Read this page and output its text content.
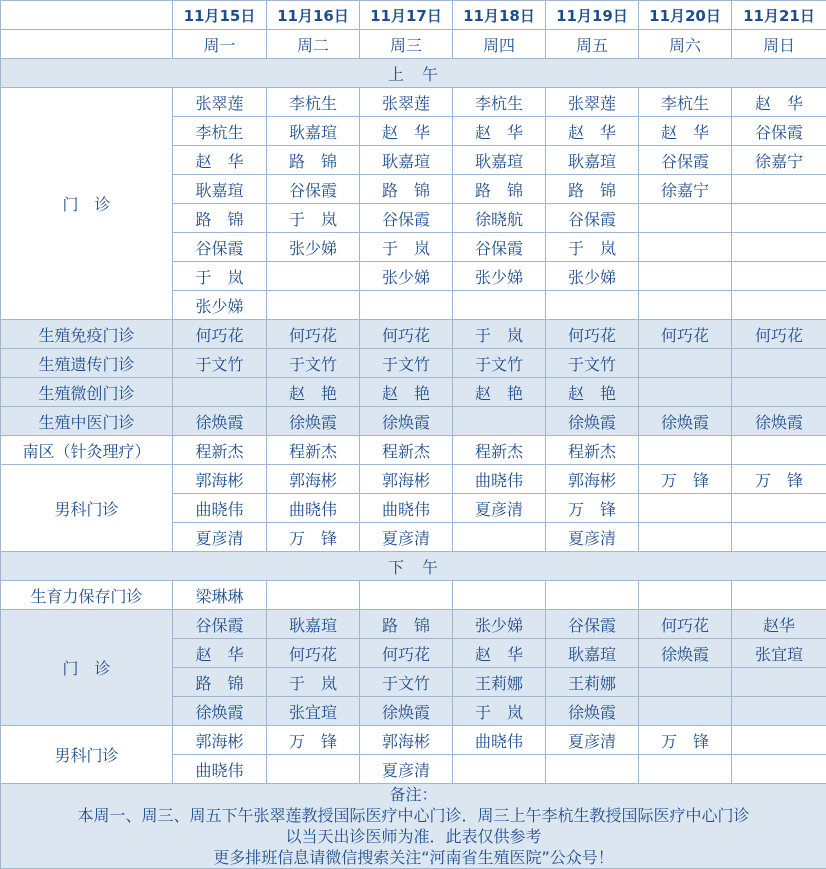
	11月15日	11月16日	11月17日	11月18日	11月19日	11月20日	11月21日
	周一	周二	周三	周四	周五	周六	周日
上　午							
门　诊	张翠莲	李杭生	张翠莲	李杭生	张翠莲	李杭生	赵　华
	李杭生	耿嘉瑄	赵　华	赵　华	赵　华	赵　华	谷保霞
	赵　华	路　锦	耿嘉瑄	耿嘉瑄	耿嘉瑄	谷保霞	徐嘉宁
	耿嘉瑄	谷保霞	路　锦	路　锦	路　锦	徐嘉宁	
	路　锦	于　岚	谷保霞	徐晓航	谷保霞		
	谷保霞	张少娣	于　岚	谷保霞	于　岚		
	于　岚		张少娣	张少娣	张少娣		
	张少娣						
生殖免疫门诊	何巧花	何巧花	何巧花	于　岚	何巧花	何巧花	何巧花
生殖遗传门诊	于文竹	于文竹	于文竹	于文竹	于文竹		
生殖微创门诊		赵　艳	赵　艳	赵　艳	赵　艳		
生殖中医门诊	徐焕霞	徐焕霞	徐焕霞		徐焕霞	徐焕霞	徐焕霞
南区（针灸理疗）	程新杰	程新杰	程新杰	程新杰	程新杰		
男科门诊	郭海彬	郭海彬	郭海彬	曲晓伟	郭海彬	万　锋	万　锋
	曲晓伟	曲晓伟	曲晓伟	夏彦清	万　锋		
	夏彦清	万　锋	夏彦清		夏彦清		
下　午							
生育力保存门诊	梁琳琳						
门　诊	谷保霞	耿嘉瑄	路　锦	张少娣	谷保霞	何巧花	赵华
	赵　华	何巧花	何巧花	赵　华	耿嘉瑄	徐焕霞	张宜瑄
	路　锦	于　岚	于文竹	王莉娜	王莉娜		
	徐焕霞	张宜瑄	徐焕霞	于　岚	徐焕霞		
男科门诊	郭海彬	万　锋	郭海彬	曲晓伟	夏彦清	万　锋	
	曲晓伟		夏彦清				

备注：
本周一、周三、周五下午张翠莲教授国际医疗中心门诊．周三上午李杭生教授国际医疗中心门诊
以当天出诊医师为准．此表仅供参考
更多排班信息请微信搜索关注“河南省生殖医院”公众号！							
